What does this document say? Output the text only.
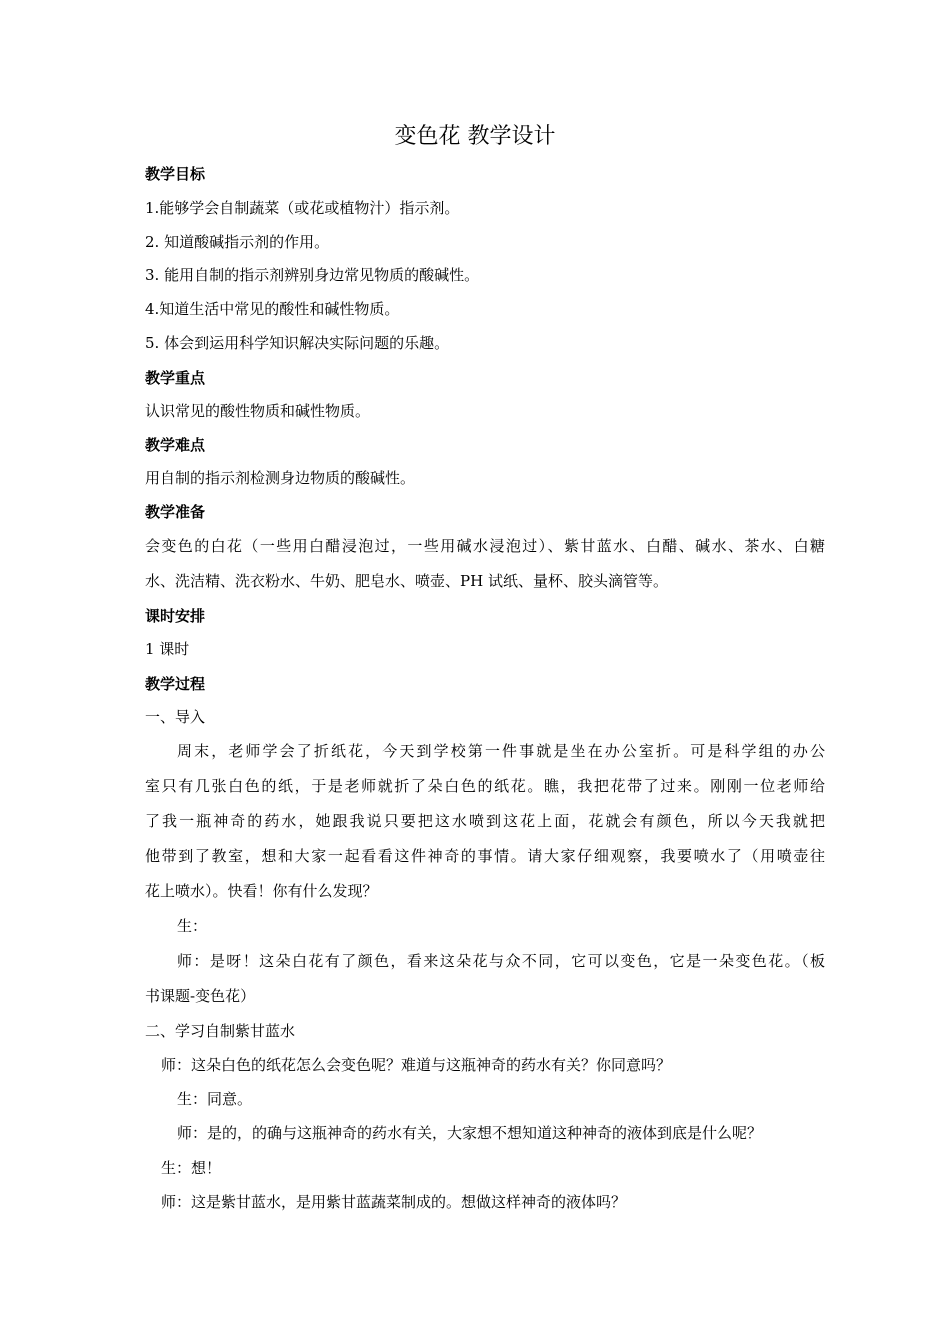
变色花 教学设计
教学目标
1.能够学会自制蔬菜（或花或植物汁）指示剂。
2. 知道酸碱指示剂的作用。
3. 能用自制的指示剂辨别身边常见物质的酸碱性。
4.知道生活中常见的酸性和碱性物质。
5. 体会到运用科学知识解决实际问题的乐趣。
教学重点
认识常见的酸性物质和碱性物质。
教学难点
用自制的指示剂检测身边物质的酸碱性。
教学准备
会变色的白花（一些用白醋浸泡过，一些用碱水浸泡过）、紫甘蓝水、白醋、碱水、茶水、白糖
水、洗洁精、洗衣粉水、牛奶、肥皂水、喷壶、PH 试纸、量杯、胶头滴管等。
课时安排
1 课时
教学过程
一、导入
周末，老师学会了折纸花，今天到学校第一件事就是坐在办公室折。可是科学组的办公
室只有几张白色的纸，于是老师就折了朵白色的纸花。瞧，我把花带了过来。刚刚一位老师给
了我一瓶神奇的药水，她跟我说只要把这水喷到这花上面，花就会有颜色，所以今天我就把
他带到了教室，想和大家一起看看这件神奇的事情。请大家仔细观察，我要喷水了（用喷壶往
花上喷水）。快看！你有什么发现？
生：
师：是呀！这朵白花有了颜色，看来这朵花与众不同，它可以变色，它是一朵变色花。（板
书课题-变色花）
二、学习自制紫甘蓝水
师：这朵白色的纸花怎么会变色呢？难道与这瓶神奇的药水有关？你同意吗？
生：同意。
师：是的，的确与这瓶神奇的药水有关，大家想不想知道这种神奇的液体到底是什么呢？
生：想！
师：这是紫甘蓝水，是用紫甘蓝蔬菜制成的。想做这样神奇的液体吗？
